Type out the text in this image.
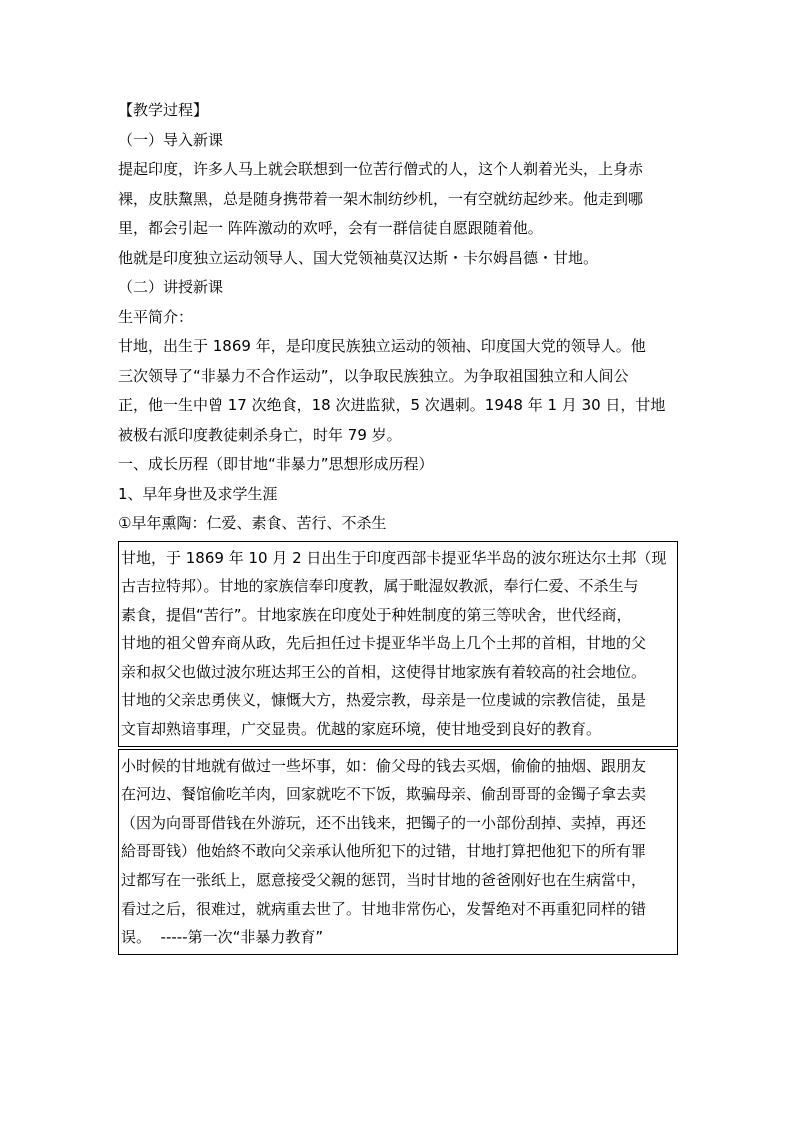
【教学过程】
（一）导入新课
提起印度，许多人马上就会联想到一位苦行僧式的人，这个人剃着光头，上身赤
裸，皮肤黧黑，总是随身携带着一架木制纺纱机，一有空就纺起纱来。他走到哪
里，都会引起一 阵阵激动的欢呼，会有一群信徒自愿跟随着他。
他就是印度独立运动领导人、国大党领袖莫汉达斯・卡尔姆昌德・甘地。
（二）讲授新课
生平简介：
甘地，出生于 1869 年，是印度民族独立运动的领袖、印度国大党的领导人。他
三次领导了“非暴力不合作运动”，以争取民族独立。为争取祖国独立和人间公
正，他一生中曾 17 次绝食，18 次进监狱，5 次遇刺。1948 年 1 月 30 日，甘地
被极右派印度教徒刺杀身亡，时年 79 岁。
一、成长历程（即甘地“非暴力”思想形成历程）
1、早年身世及求学生涯
①早年熏陶：仁爱、素食、苦行、不杀生
甘地，于 1869 年 10 月 2 日出生于印度西部卡提亚华半岛的波尔班达尔土邦（现
古吉拉特邦）。甘地的家族信奉印度教，属于毗湿奴教派，奉行仁爱、不杀生与
素食，提倡“苦行”。甘地家族在印度处于种姓制度的第三等吠舍，世代经商，
甘地的祖父曾弃商从政，先后担任过卡提亚华半岛上几个土邦的首相，甘地的父
亲和叔父也做过波尔班达邦王公的首相，这使得甘地家族有着较高的社会地位。
甘地的父亲忠勇侠义，慷慨大方，热爱宗教，母亲是一位虔诚的宗教信徒，虽是
文盲却熟谙事理，广交显贵。优越的家庭环境，使甘地受到良好的教育。
小时候的甘地就有做过一些坏事，如：偷父母的钱去买烟，偷偷的抽烟、跟朋友
在河边、餐馆偷吃羊肉，回家就吃不下饭，欺骗母亲、偷刮哥哥的金镯子拿去卖
（因为向哥哥借钱在外游玩，还不出钱来，把镯子的一小部份刮掉、卖掉，再还
給哥哥钱）他始終不敢向父亲承认他所犯下的过错，甘地打算把他犯下的所有罪
过都写在一张纸上，愿意接受父親的惩罚，当时甘地的爸爸刚好也在生病當中，
看过之后，很难过，就病重去世了。甘地非常伤心，发誓绝对不再重犯同样的错
误。  -----第一次“非暴力教育”
